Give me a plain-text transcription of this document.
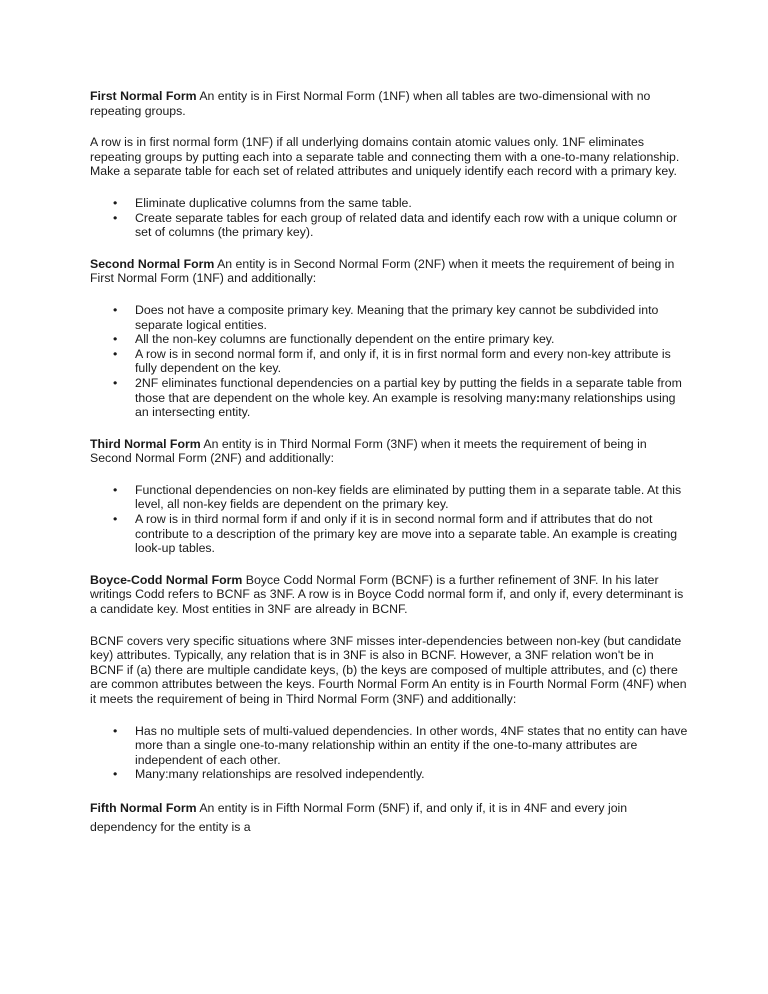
First Normal Form An entity is in First Normal Form (1NF) when all tables are two-dimensional with no repeating groups.

A row is in first normal form (1NF) if all underlying domains contain atomic values only. 1NF eliminates repeating groups by putting each into a separate table and connecting them with a one-to-many relationship. Make a separate table for each set of related attributes and uniquely identify each record with a primary key.

• Eliminate duplicative columns from the same table.
• Create separate tables for each group of related data and identify each row with a unique column or set of columns (the primary key).

Second Normal Form An entity is in Second Normal Form (2NF) when it meets the requirement of being in First Normal Form (1NF) and additionally:

• Does not have a composite primary key. Meaning that the primary key cannot be subdivided into separate logical entities.
• All the non-key columns are functionally dependent on the entire primary key.
• A row is in second normal form if, and only if, it is in first normal form and every non-key attribute is fully dependent on the key.
• 2NF eliminates functional dependencies on a partial key by putting the fields in a separate table from those that are dependent on the whole key. An example is resolving many:many relationships using an intersecting entity.

Third Normal Form An entity is in Third Normal Form (3NF) when it meets the requirement of being in Second Normal Form (2NF) and additionally:

• Functional dependencies on non-key fields are eliminated by putting them in a separate table. At this level, all non-key fields are dependent on the primary key.
• A row is in third normal form if and only if it is in second normal form and if attributes that do not contribute to a description of the primary key are move into a separate table. An example is creating look-up tables.

Boyce-Codd Normal Form Boyce Codd Normal Form (BCNF) is a further refinement of 3NF. In his later writings Codd refers to BCNF as 3NF. A row is in Boyce Codd normal form if, and only if, every determinant is a candidate key. Most entities in 3NF are already in BCNF.

BCNF covers very specific situations where 3NF misses inter-dependencies between non-key (but candidate key) attributes. Typically, any relation that is in 3NF is also in BCNF. However, a 3NF relation won't be in BCNF if (a) there are multiple candidate keys, (b) the keys are composed of multiple attributes, and (c) there are common attributes between the keys. Fourth Normal Form An entity is in Fourth Normal Form (4NF) when it meets the requirement of being in Third Normal Form (3NF) and additionally:

• Has no multiple sets of multi-valued dependencies. In other words, 4NF states that no entity can have more than a single one-to-many relationship within an entity if the one-to-many attributes are independent of each other.
• Many:many relationships are resolved independently.

Fifth Normal Form An entity is in Fifth Normal Form (5NF) if, and only if, it is in 4NF and every join dependency for the entity is a
